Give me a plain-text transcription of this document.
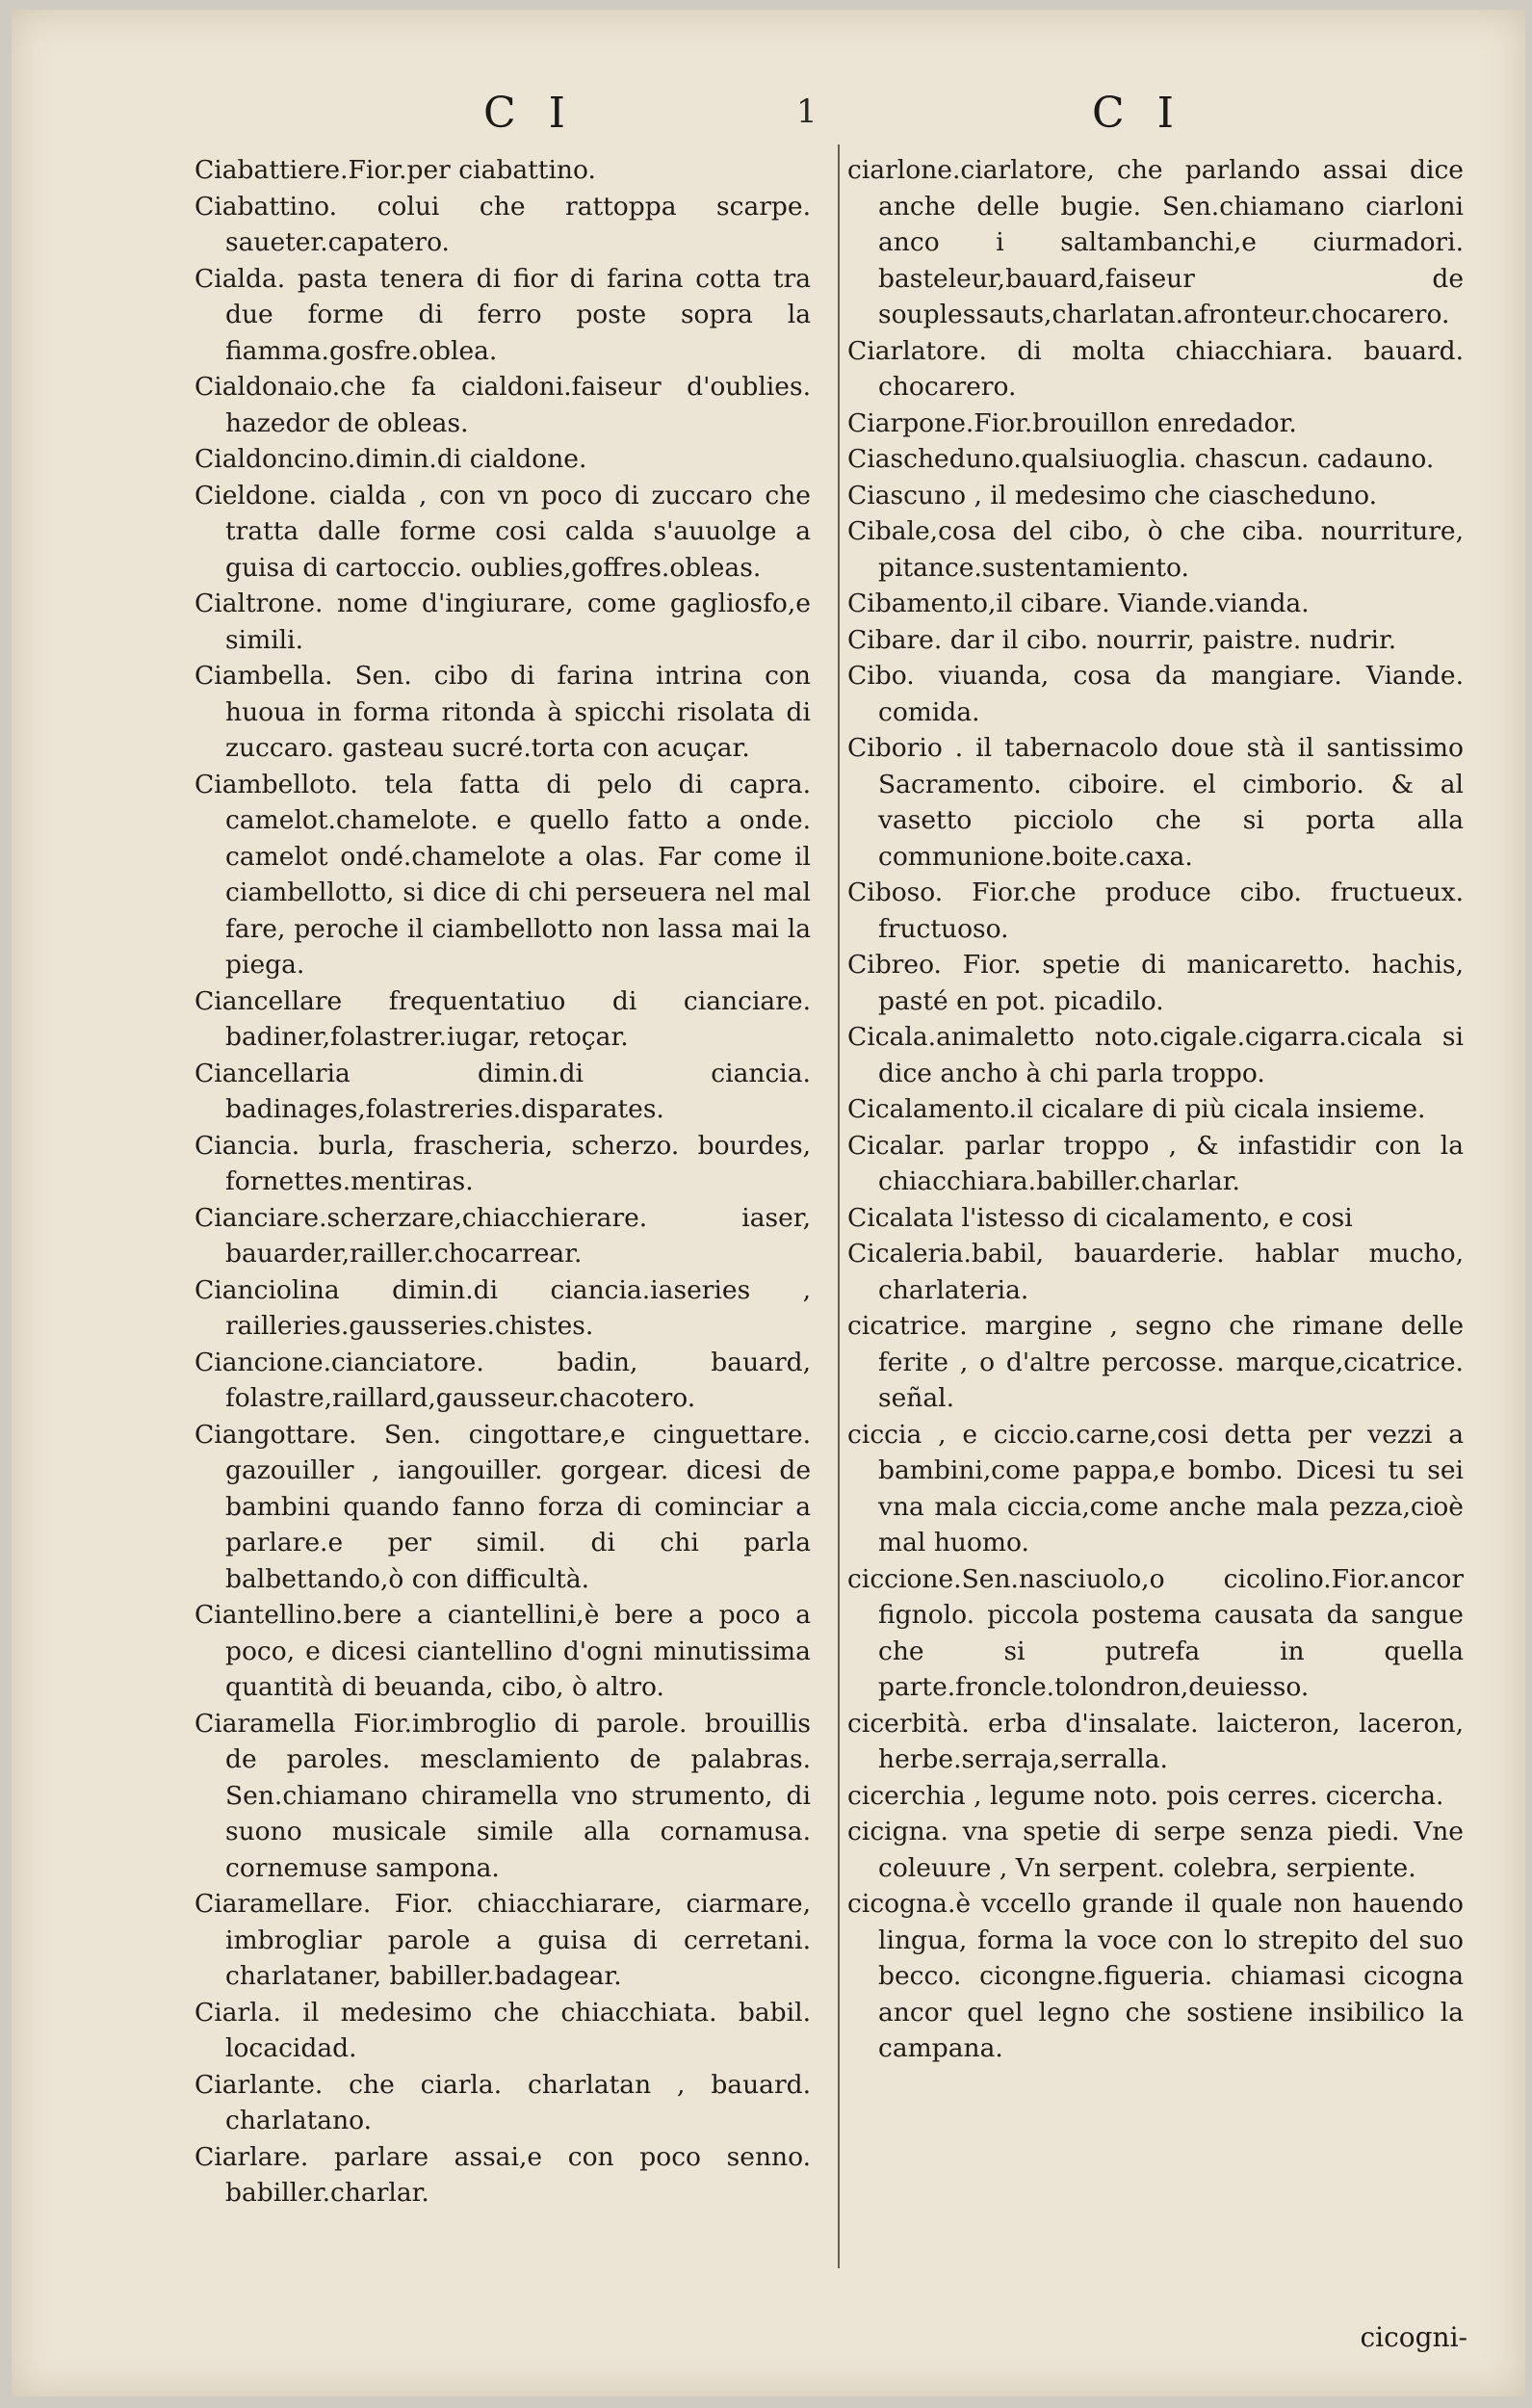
C I	1	C I
Ciabattiere.Fior.per ciabattino.
Ciabattino. colui che rattoppa scarpe. saueter.capatero.
Cialda. pasta tenera di fior di farina cotta tra due forme di ferro poste sopra la fiamma.gosfre.oblea.
Cialdonaio.che fa cialdoni.faiseur d'oublies. hazedor de obleas.
Cialdoncino.dimin.di cialdone.
Cieldone. cialda , con vn poco di zuccaro che tratta dalle forme cosi calda s'auuolge a guisa di cartoccio. oublies,goffres.obleas.
Cialtrone. nome d'ingiurare, come gagliosfo,e simili.
Ciambella. Sen. cibo di farina intrina con huoua in forma ritonda à spicchi risolata di zuccaro. gasteau sucré.torta con acuçar.
Ciambelloto. tela fatta di pelo di capra. camelot.chamelote. e quello fatto a onde. camelot ondé.chamelote a olas. Far come il ciambellotto, si dice di chi perseuera nel mal fare, peroche il ciambellotto non lassa mai la piega.
Ciancellare frequentatiuo di cianciare. badiner,folastrer.iugar, retoçar.
Ciancellaria dimin.di ciancia. badinages,folastreries.disparates.
Ciancia. burla, frascheria, scherzo. bourdes, fornettes.mentiras.
Cianciare.scherzare,chiacchierare. iaser, bauarder,railler.chocarrear.
Cianciolina dimin.di ciancia.iaseries , railleries.gausseries.chistes.
Ciancione.cianciatore. badin, bauard, folastre,raillard,gausseur.chacotero.
Ciangottare. Sen. cingottare,e cinguettare. gazouiller , iangouiller. gorgear. dicesi de bambini quando fanno forza di cominciar a parlare.e per simil. di chi parla balbettando,ò con difficultà.
Ciantellino.bere a ciantellini,è bere a poco a poco, e dicesi ciantellino d'ogni minutissima quantità di beuanda, cibo, ò altro.
Ciaramella Fior.imbroglio di parole. brouillis de paroles. mesclamiento de palabras. Sen.chiamano chiramella vno strumento, di suono musicale simile alla cornamusa. cornemuse sampona.
Ciaramellare. Fior. chiacchiarare, ciarmare, imbrogliar parole a guisa di cerretani. charlataner, babiller.badagear.
Ciarla. il medesimo che chiacchiata. babil. locacidad.
Ciarlante. che ciarla. charlatan , bauard. charlatano.
Ciarlare. parlare assai,e con poco senno. babiller.charlar.
ciarlone.ciarlatore, che parlando assai dice anche delle bugie. Sen.chiamano ciarloni anco i saltambanchi,e ciurmadori. basteleur,bauard,faiseur de souplessauts,charlatan.afronteur.chocarero.
Ciarlatore. di molta chiacchiara. bauard. chocarero.
Ciarpone.Fior.brouillon enredador.
Ciascheduno.qualsiuoglia. chascun. cadauno.
Ciascuno , il medesimo che ciascheduno.
Cibale,cosa del cibo, ò che ciba. nourriture, pitance.sustentamiento.
Cibamento,il cibare. Viande.vianda.
Cibare. dar il cibo. nourrir, paistre. nudrir.
Cibo. viuanda, cosa da mangiare. Viande. comida.
Ciborio . il tabernacolo doue stà il santissimo Sacramento. ciboire. el cimborio. & al vasetto picciolo che si porta alla communione.boite.caxa.
Ciboso. Fior.che produce cibo. fructueux. fructuoso.
Cibreo. Fior. spetie di manicaretto. hachis, pasté en pot. picadilo.
Cicala.animaletto noto.cigale.cigarra.cicala si dice ancho à chi parla troppo.
Cicalamento.il cicalare di più cicala insieme.
Cicalar. parlar troppo , & infastidir con la chiacchiara.babiller.charlar.
Cicalata l'istesso di cicalamento, e cosi
Cicaleria.babil, bauarderie. hablar mucho, charlateria.
cicatrice. margine , segno che rimane delle ferite , o d'altre percosse. marque,cicatrice. señal.
ciccia , e ciccio.carne,cosi detta per vezzi a bambini,come pappa,e bombo. Dicesi tu sei vna mala ciccia,come anche mala pezza,cioè mal huomo.
ciccione.Sen.nasciuolo,o cicolino.Fior.ancor fignolo. piccola postema causata da sangue che si putrefa in quella parte.froncle.tolondron,deuiesso.
cicerbità. erba d'insalate. laicteron, laceron, herbe.serraja,serralla.
cicerchia , legume noto. pois cerres. cicercha.
cicigna. vna spetie di serpe senza piedi. Vne coleuure , Vn serpent. colebra, serpiente.
cicogna.è vccello grande il quale non hauendo lingua, forma la voce con lo strepito del suo becco. cicongne.figueria. chiamasi cicogna ancor quel legno che sostiene insibilico la campana.
cicogni-
